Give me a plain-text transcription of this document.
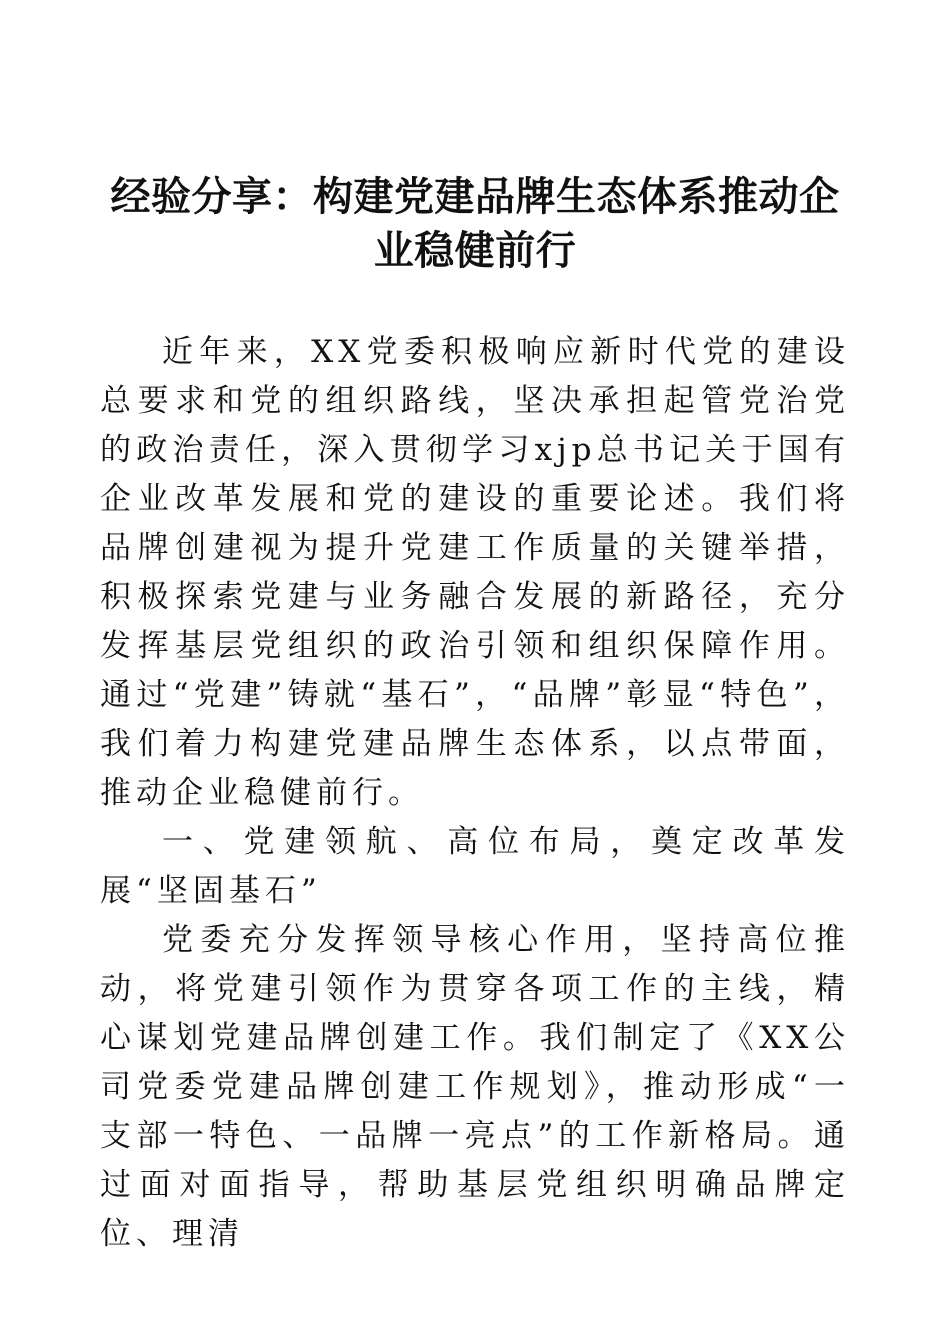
经验分享：构建党建品牌生态体系推动企业稳健前行

近年来，XX党委积极响应新时代党的建设总要求和党的组织路线，坚决承担起管党治党的政治责任，深入贯彻学习xjp总书记关于国有企业改革发展和党的建设的重要论述。我们将品牌创建视为提升党建工作质量的关键举措，积极探索党建与业务融合发展的新路径，充分发挥基层党组织的政治引领和组织保障作用。通过“党建”铸就“基石”，“品牌”彰显“特色”，我们着力构建党建品牌生态体系，以点带面，推动企业稳健前行。

一、党建领航、高位布局，奠定改革发展“坚固基石”

党委充分发挥领导核心作用，坚持高位推动，将党建引领作为贯穿各项工作的主线，精心谋划党建品牌创建工作。我们制定了《XX公司党委党建品牌创建工作规划》，推动形成“一支部一特色、一品牌一亮点”的工作新格局。通过面对面指导，帮助基层党组织明确品牌定位、理清
